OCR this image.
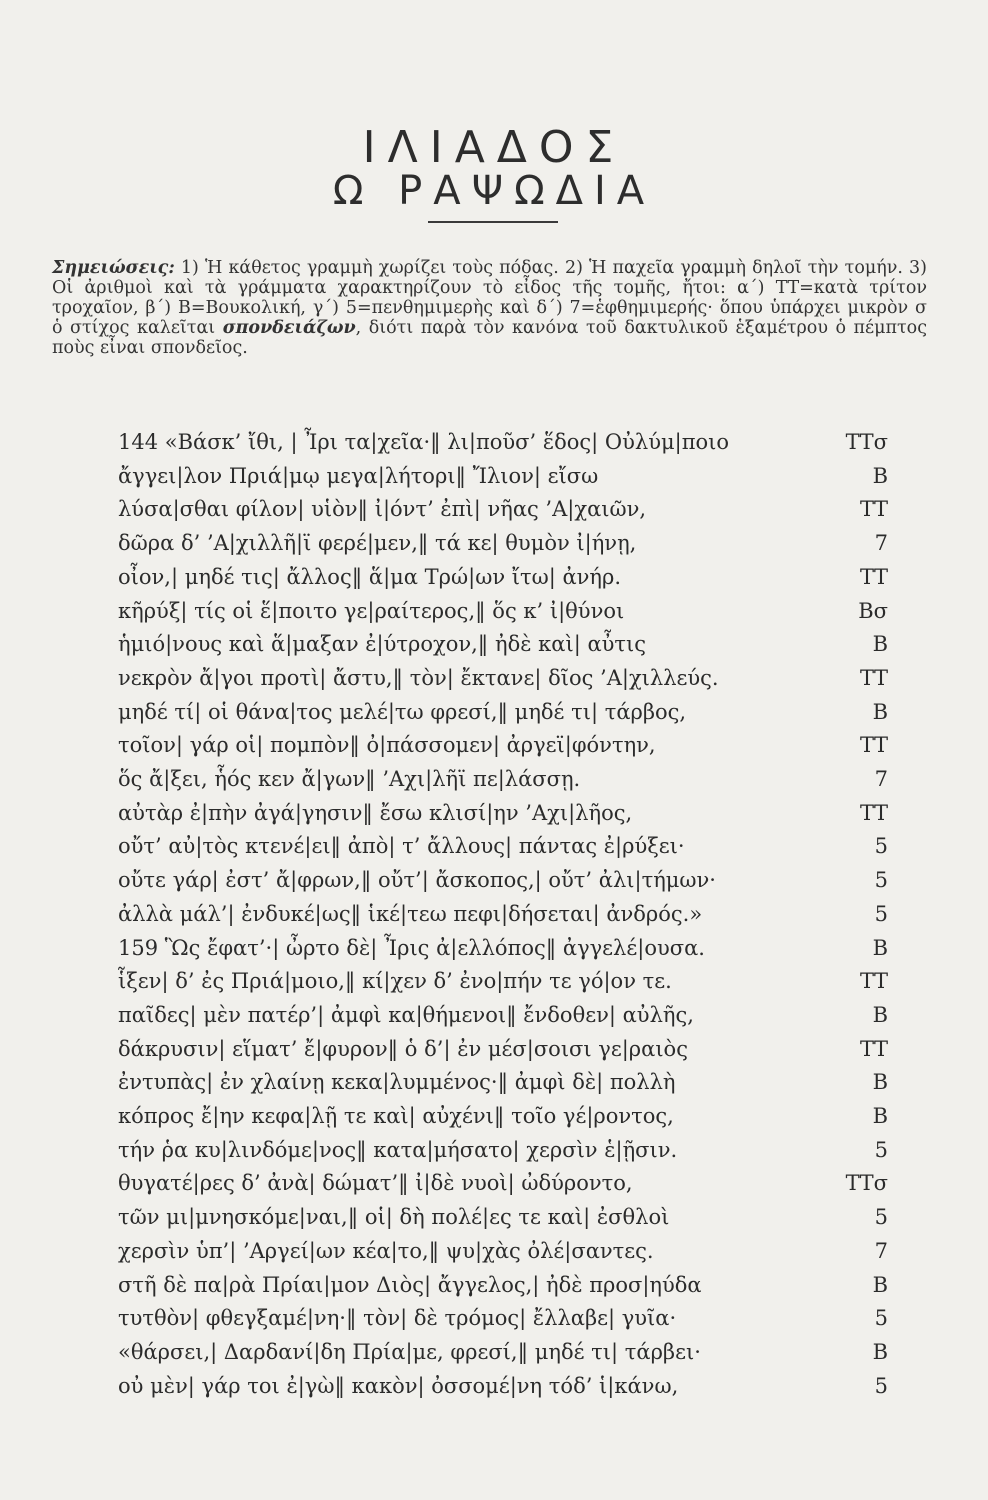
ΙΛΙΑΔΟΣ
Ω ΡΑΨΩΔΙΑ
Σημειώσεις: 1) Ἡ κάθετος γραμμὴ χωρίζει τοὺς πόδας. 2) Ἡ παχεῖα γραμμὴ δηλοῖ τὴν τομήν. 3) Οἱ ἀριθμοὶ καὶ τὰ γράμματα χαρακτηρίζουν τὸ εἶδος τῆς τομῆς, ἤτοι: α΄) ΤΤ=κατὰ τρίτον τροχαῖον, β΄) Β=Βουκολική, γ΄) 5=πενθημιμερὴς καὶ δ΄) 7=ἑφθημιμερής· ὅπου ὑπάρχει μικρὸν σ ὁ στίχος καλεῖται σπονδειάζων, διότι παρὰ τὸν κανόνα τοῦ δακτυλικοῦ ἑξαμέτρου ὁ πέμπτος ποὺς εἶναι σπονδεῖος.
144 «Βάσκ’ ἴθι, | Ἶρι τα|χεῖα·‖ λι|ποῦσ’ ἕδος| Οὐλύμ|ποιο	ΤΤσ
ἄγγει|λον Πριά|μῳ μεγα|λήτορι‖ Ἴλιον| εἴσω	Β
λύσα|σθαι φίλον| υἱὸν‖ ἰ|όντ’ ἐπὶ| νῆας ’Α|χαιῶν,	ΤΤ
δῶρα δ’ ’Α|χιλλῆ|ϊ φερέ|μεν,‖ τά κε| θυμὸν ἰ|ήνῃ,	7
οἶον,| μηδέ τις| ἄλλος‖ ἅ|μα Τρώ|ων ἴτω| ἀνήρ.	ΤΤ
κῆρύξ| τίς οἱ ἕ|ποιτο γε|ραίτερος,‖ ὅς κ’ ἰ|θύνοι	Βσ
ἡμιό|νους καὶ ἅ|μαξαν ἐ|ύτροχον,‖ ἠδὲ καὶ| αὖτις	Β
νεκρὸν ἄ|γοι προτὶ| ἄστυ,‖ τὸν| ἔκτανε| δῖος ’Α|χιλλεύς.	ΤΤ
μηδέ τί| οἱ θάνα|τος μελέ|τω φρεσί,‖ μηδέ τι| τάρβος,	Β
τοῖον| γάρ οἱ| πομπὸν‖ ὀ|πάσσομεν| ἀργεϊ|φόντην,	ΤΤ
ὅς ἄ|ξει, ἧός κεν ἄ|γων‖ ’Αχι|λῆϊ πε|λάσσῃ.	7
αὐτὰρ ἐ|πὴν ἀγά|γησιν‖ ἔσω κλισί|ην ’Αχι|λῆος,	ΤΤ
οὔτ’ αὐ|τὸς κτενέ|ει‖ ἀπὸ| τ’ ἄλλους| πάντας ἐ|ρύξει·	5
οὔτε γάρ| ἐστ’ ἄ|φρων,‖ οὔτ’| ἄσκοπος,| οὔτ’ ἀλι|τήμων·	5
ἀλλὰ μάλ’| ἐνδυκέ|ως‖ ἱκέ|τεω πεφι|δήσεται| ἀνδρός.»	5
159 Ὣς ἔφατ’·| ὦρτο δὲ| Ἶρις ἀ|ελλόπος‖ ἀγγελέ|ουσα.	Β
ἷξεν| δ’ ἐς Πριά|μοιο,‖ κί|χεν δ’ ἐνο|πήν τε γό|ον τε.	ΤΤ
παῖδες| μὲν πατέρ’| ἀμφὶ κα|θήμενοι‖ ἔνδοθεν| αὐλῆς,	Β
δάκρυσιν| εἵματ’ ἔ|φυρον‖ ὁ δ’| ἐν μέσ|σοισι γε|ραιὸς	ΤΤ
ἐντυπὰς| ἐν χλαίνῃ κεκα|λυμμένος·‖ ἀμφὶ δὲ| πολλὴ	Β
κόπρος ἔ|ην κεφα|λῇ τε καὶ| αὐχένι‖ τοῖο γέ|ροντος,	Β
τήν ῥα κυ|λινδόμε|νος‖ κατα|μήσατο| χερσὶν ἑ|ῇσιν.	5
θυγατέ|ρες δ’ ἀνὰ| δώματ’‖ ἰ|δὲ νυοὶ| ὠδύροντο,	ΤΤσ
τῶν μι|μνησκόμε|ναι,‖ οἱ| δὴ πολέ|ες τε καὶ| ἐσθλοὶ	5
χερσὶν ὑπ’| ’Αργεί|ων κέα|το,‖ ψυ|χὰς ὀλέ|σαντες.	7
στῆ δὲ πα|ρὰ Πρίαι|μον Διὸς| ἄγγελος,| ἠδὲ προσ|ηύδα	Β
τυτθὸν| φθεγξαμέ|νη·‖ τὸν| δὲ τρόμος| ἔλλαβε| γυῖα·	5
«θάρσει,| Δαρδανί|δη Πρία|με, φρεσί,‖ μηδέ τι| τάρβει·	Β
οὐ μὲν| γάρ τοι ἐ|γὼ‖ κακὸν| ὀσσομέ|νη τόδ’ ἱ|κάνω,	5
